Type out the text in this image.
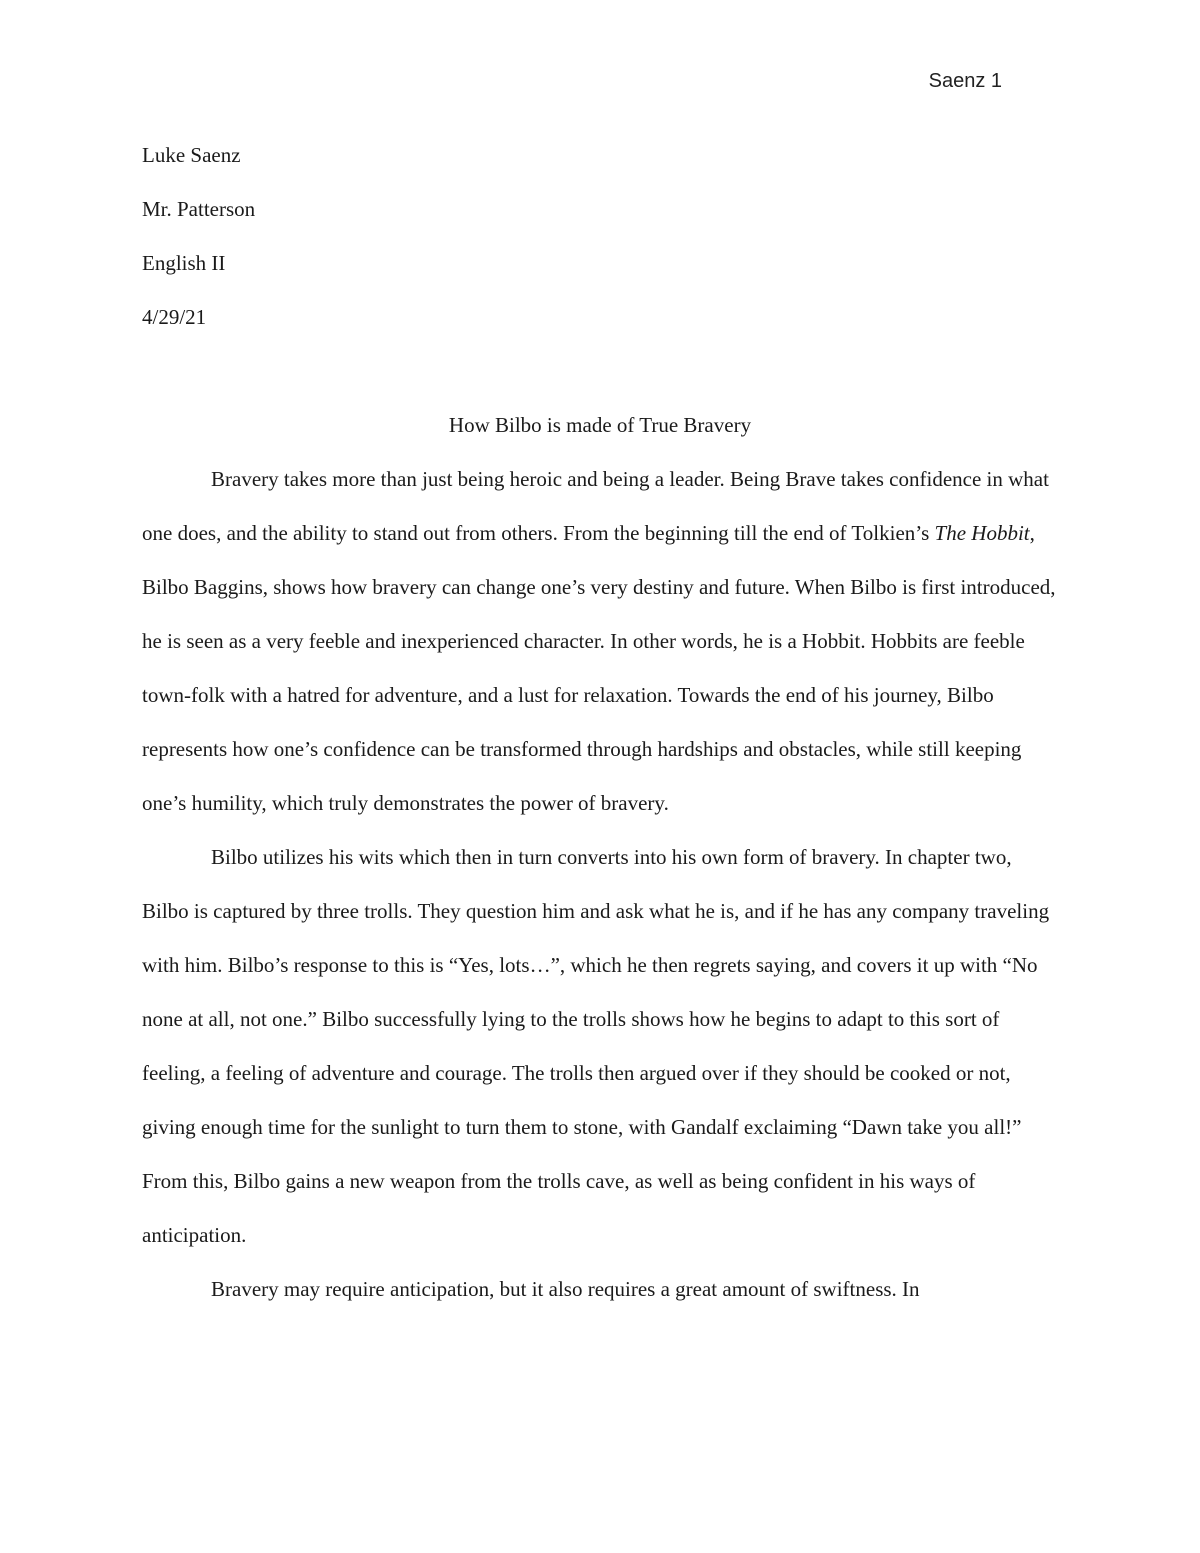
Saenz 1

Luke Saenz

Mr. Patterson

English II

4/29/21

How Bilbo is made of True Bravery

Bravery takes more than just being heroic and being a leader. Being Brave takes confidence in what one does, and the ability to stand out from others. From the beginning till the end of Tolkien’s The Hobbit, Bilbo Baggins, shows how bravery can change one’s very destiny and future. When Bilbo is first introduced, he is seen as a very feeble and inexperienced character. In other words, he is a Hobbit. Hobbits are feeble town-folk with a hatred for adventure, and a lust for relaxation. Towards the end of his journey, Bilbo represents how one’s confidence can be transformed through hardships and obstacles, while still keeping one’s humility, which truly demonstrates the power of bravery.

Bilbo utilizes his wits which then in turn converts into his own form of bravery. In chapter two, Bilbo is captured by three trolls. They question him and ask what he is, and if he has any company traveling with him. Bilbo’s response to this is “Yes, lots…”, which he then regrets saying, and covers it up with “No none at all, not one.” Bilbo successfully lying to the trolls shows how he begins to adapt to this sort of feeling, a feeling of adventure and courage. The trolls then argued over if they should be cooked or not, giving enough time for the sunlight to turn them to stone, with Gandalf exclaiming “Dawn take you all!” From this, Bilbo gains a new weapon from the trolls cave, as well as being confident in his ways of anticipation.

Bravery may require anticipation, but it also requires a great amount of swiftness. In
